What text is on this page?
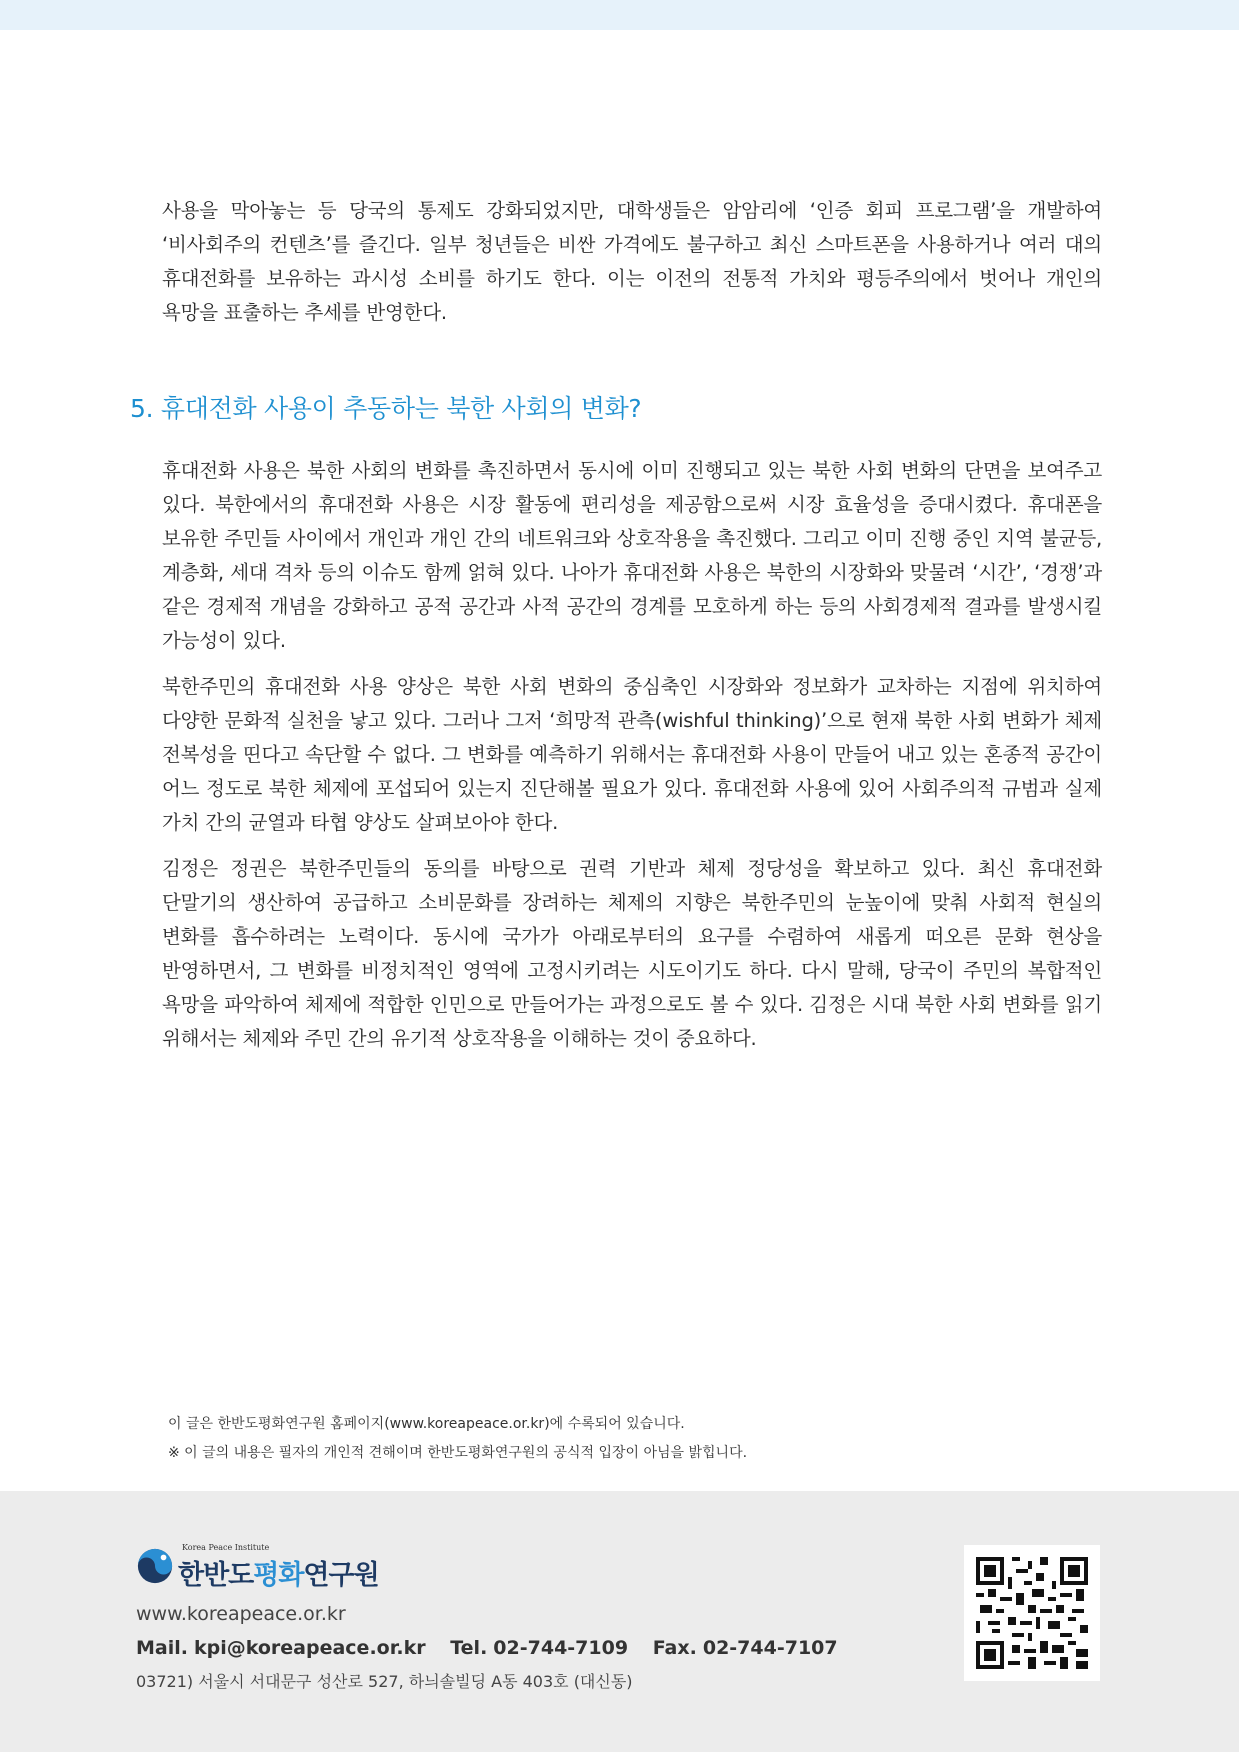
사용을 막아놓는 등 당국의 통제도 강화되었지만, 대학생들은 암암리에 ‘인증 회피 프로그램’을 개발하여 ‘비사회주의 컨텐츠’를 즐긴다. 일부 청년들은 비싼 가격에도 불구하고 최신 스마트폰을 사용하거나 여러 대의 휴대전화를 보유하는 과시성 소비를 하기도 한다. 이는 이전의 전통적 가치와 평등주의에서 벗어나 개인의 욕망을 표출하는 추세를 반영한다.

5. 휴대전화 사용이 추동하는 북한 사회의 변화?

휴대전화 사용은 북한 사회의 변화를 촉진하면서 동시에 이미 진행되고 있는 북한 사회 변화의 단면을 보여주고 있다. 북한에서의 휴대전화 사용은 시장 활동에 편리성을 제공함으로써 시장 효율성을 증대시켰다. 휴대폰을 보유한 주민들 사이에서 개인과 개인 간의 네트워크와 상호작용을 촉진했다. 그리고 이미 진행 중인 지역 불균등, 계층화, 세대 격차 등의 이슈도 함께 얽혀 있다. 나아가 휴대전화 사용은 북한의 시장화와 맞물려 ‘시간’, ‘경쟁’과 같은 경제적 개념을 강화하고 공적 공간과 사적 공간의 경계를 모호하게 하는 등의 사회경제적 결과를 발생시킬 가능성이 있다.

북한주민의 휴대전화 사용 양상은 북한 사회 변화의 중심축인 시장화와 정보화가 교차하는 지점에 위치하여 다양한 문화적 실천을 낳고 있다. 그러나 그저 ‘희망적 관측(wishful thinking)’으로 현재 북한 사회 변화가 체제 전복성을 띤다고 속단할 수 없다. 그 변화를 예측하기 위해서는 휴대전화 사용이 만들어 내고 있는 혼종적 공간이 어느 정도로 북한 체제에 포섭되어 있는지 진단해볼 필요가 있다. 휴대전화 사용에 있어 사회주의적 규범과 실제 가치 간의 균열과 타협 양상도 살펴보아야 한다.

김정은 정권은 북한주민들의 동의를 바탕으로 권력 기반과 체제 정당성을 확보하고 있다. 최신 휴대전화 단말기의 생산하여 공급하고 소비문화를 장려하는 체제의 지향은 북한주민의 눈높이에 맞춰 사회적 현실의 변화를 흡수하려는 노력이다. 동시에 국가가 아래로부터의 요구를 수렴하여 새롭게 떠오른 문화 현상을 반영하면서, 그 변화를 비정치적인 영역에 고정시키려는 시도이기도 하다. 다시 말해, 당국이 주민의 복합적인 욕망을 파악하여 체제에 적합한 인민으로 만들어가는 과정으로도 볼 수 있다. 김정은 시대 북한 사회 변화를 읽기 위해서는 체제와 주민 간의 유기적 상호작용을 이해하는 것이 중요하다.

이 글은 한반도평화연구원 홈페이지(www.koreapeace.or.kr)에 수록되어 있습니다.
※ 이 글의 내용은 필자의 개인적 견해이며 한반도평화연구원의 공식적 입장이 아님을 밝힙니다.
Korea Peace Institute
한반도평화연구원
www.koreapeace.or.kr
Mail. kpi@koreapeace.or.kr Tel. 02-744-7109 Fax. 02-744-7107
03721) 서울시 서대문구 성산로 527, 하늬솔빌딩 A동 403호 (대신동)
